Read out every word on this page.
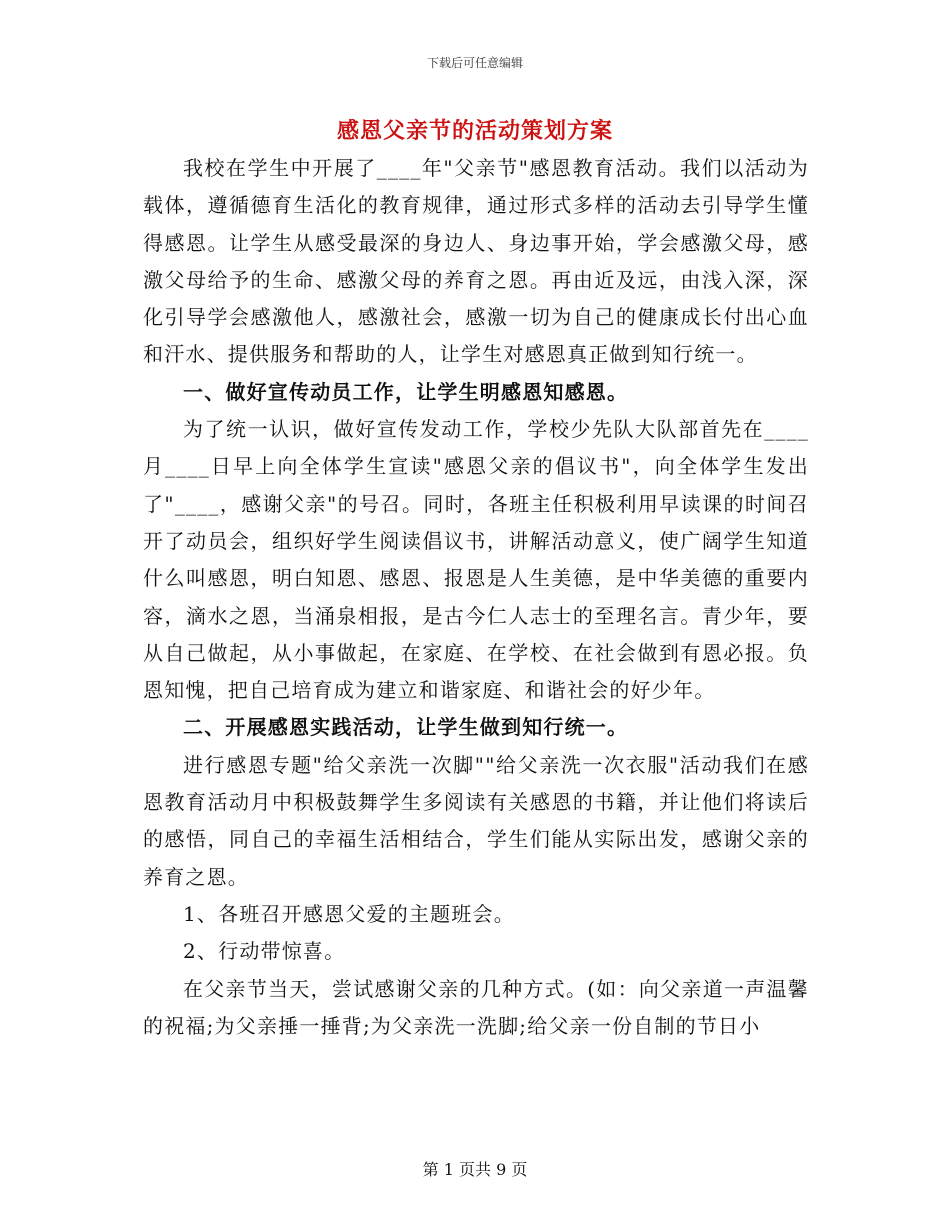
下载后可任意编辑
感恩父亲节的活动策划方案

我校在学生中开展了____年"父亲节"感恩教育活动。我们以活动为载体，遵循德育生活化的教育规律，通过形式多样的活动去引导学生懂得感恩。让学生从感受最深的身边人、身边事开始，学会感激父母，感激父母给予的生命、感激父母的养育之恩。再由近及远，由浅入深，深化引导学会感激他人，感激社会，感激一切为自己的健康成长付出心血和汗水、提供服务和帮助的人，让学生对感恩真正做到知行统一。

一、做好宣传动员工作，让学生明感恩知感恩。

为了统一认识，做好宣传发动工作，学校少先队大队部首先在____月____日早上向全体学生宣读"感恩父亲的倡议书"，向全体学生发出了"____，感谢父亲"的号召。同时，各班主任积极利用早读课的时间召开了动员会，组织好学生阅读倡议书，讲解活动意义，使广阔学生知道什么叫感恩，明白知恩、感恩、报恩是人生美德，是中华美德的重要内容，滴水之恩，当涌泉相报，是古今仁人志士的至理名言。青少年，要从自己做起，从小事做起，在家庭、在学校、在社会做到有恩必报。负恩知愧，把自己培育成为建立和谐家庭、和谐社会的好少年。

二、开展感恩实践活动，让学生做到知行统一。

进行感恩专题"给父亲洗一次脚""给父亲洗一次衣服"活动我们在感恩教育活动月中积极鼓舞学生多阅读有关感恩的书籍，并让他们将读后的感悟，同自己的幸福生活相结合，学生们能从实际出发，感谢父亲的养育之恩。

1、各班召开感恩父爱的主题班会。

2、行动带惊喜。

在父亲节当天，尝试感谢父亲的几种方式。(如：向父亲道一声温馨的祝福;为父亲捶一捶背;为父亲洗一洗脚;给父亲一份自制的节日小

第 1 页共 9 页
